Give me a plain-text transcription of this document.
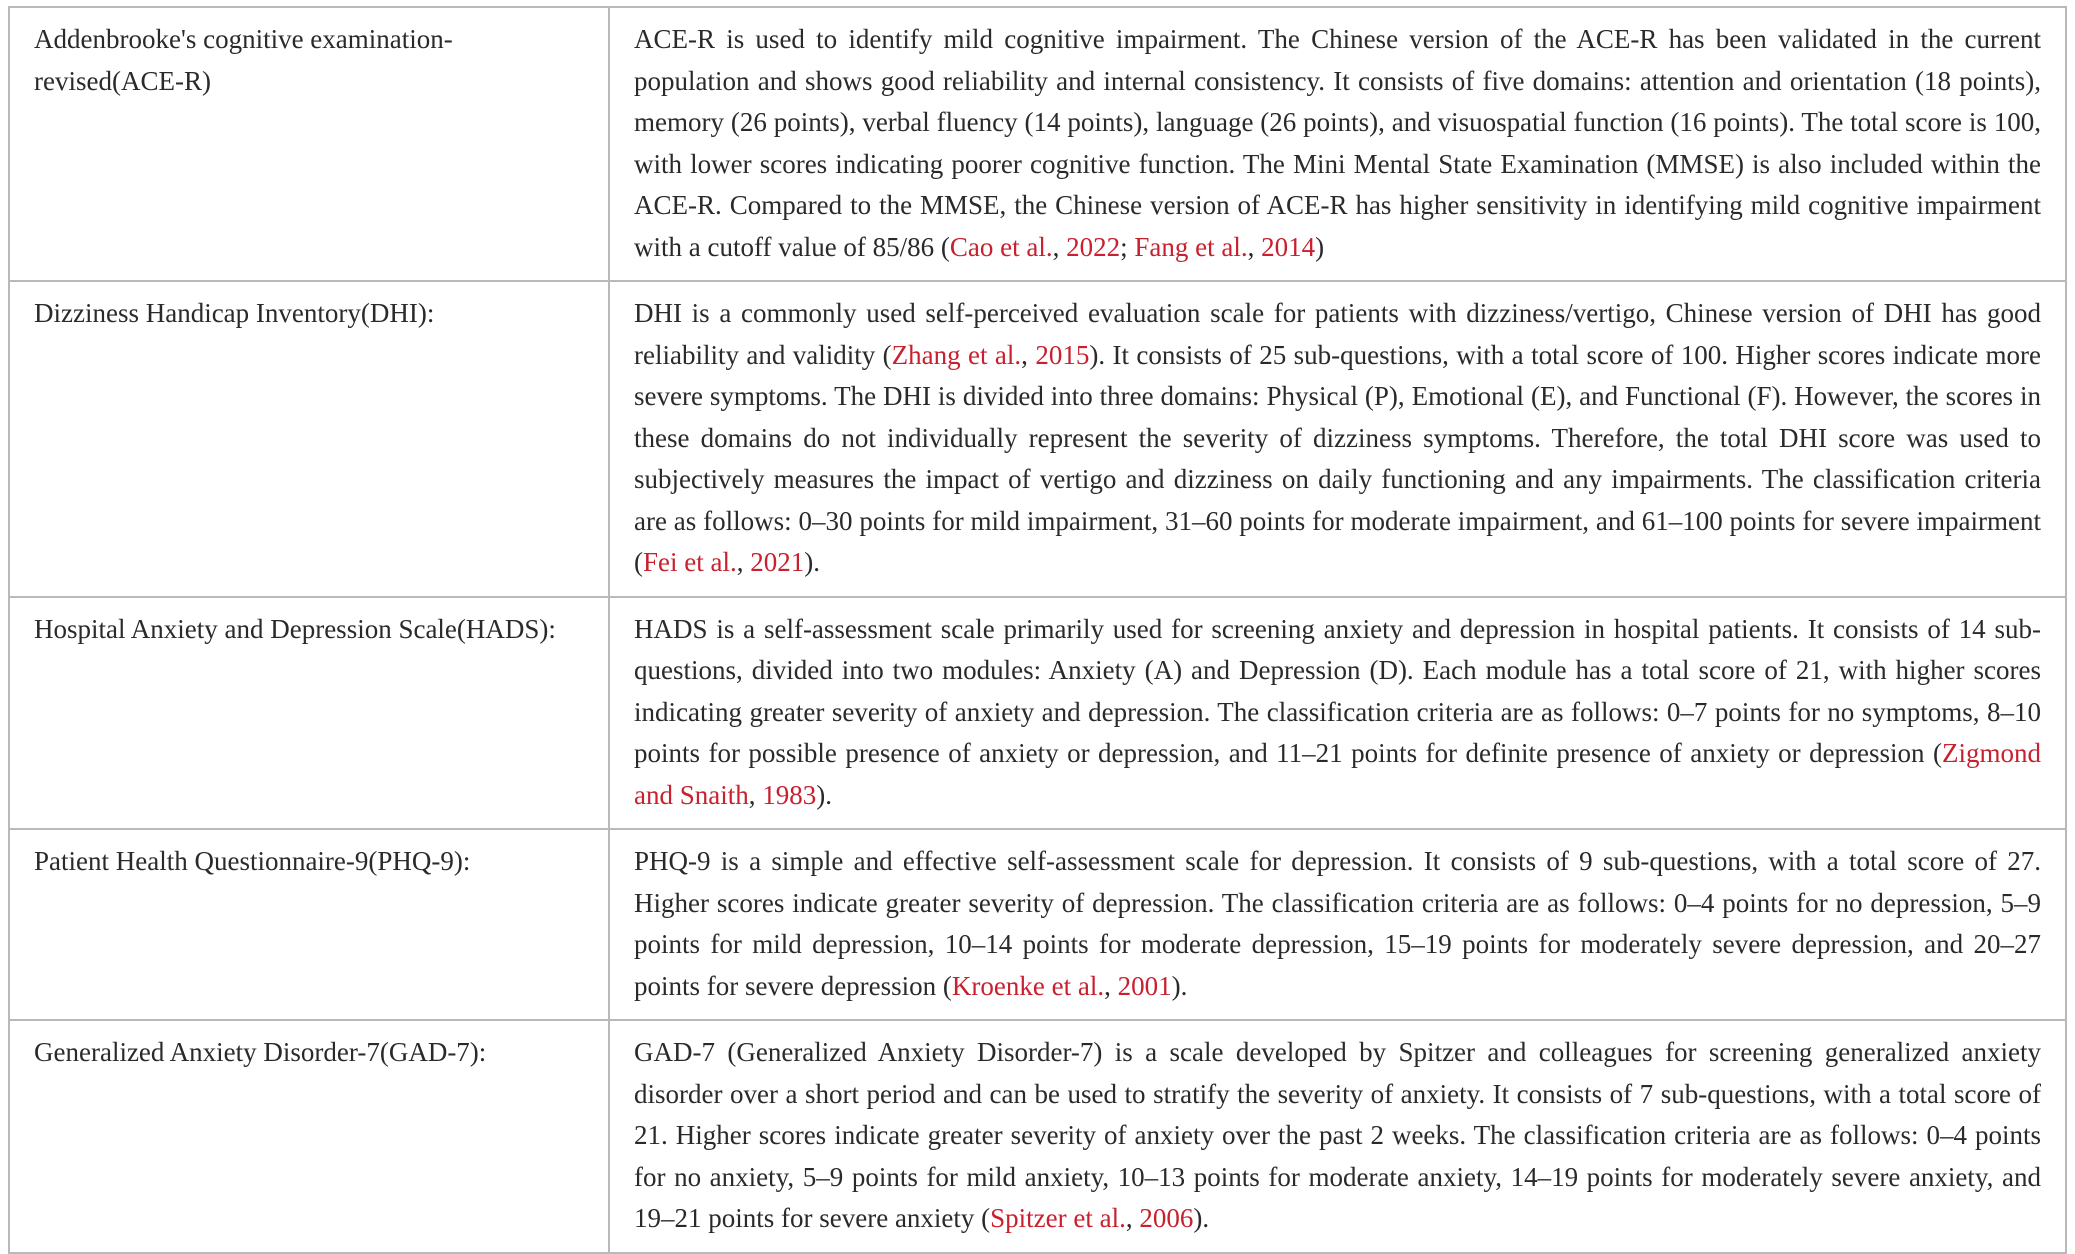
Addenbrooke's cognitive examination-revised(ACE-R)	ACE-R is used to identify mild cognitive impairment. The Chinese version of the ACE-R has been validated in the current population and shows good reliability and internal consistency. It consists of five domains: attention and orientation (18 points), memory (26 points), verbal fluency (14 points), language (26 points), and visuospatial function (16 points). The total score is 100, with lower scores indicating poorer cognitive function. The Mini Mental State Examination (MMSE) is also included within the ACE-R. Compared to the MMSE, the Chinese version of ACE-R has higher sensitivity in identifying mild cognitive impairment with a cutoff value of 85/86 (Cao et al., 2022; Fang et al., 2014)
Dizziness Handicap Inventory(DHI):	DHI is a commonly used self-perceived evaluation scale for patients with dizziness/vertigo, Chinese version of DHI has good reliability and validity (Zhang et al., 2015). It consists of 25 sub-questions, with a total score of 100. Higher scores indicate more severe symptoms. The DHI is divided into three domains: Physical (P), Emotional (E), and Functional (F). However, the scores in these domains do not individually represent the severity of dizziness symptoms. Therefore, the total DHI score was used to subjectively measures the impact of vertigo and dizziness on daily functioning and any impairments. The classification criteria are as follows: 0–30 points for mild impairment, 31–60 points for moderate impairment, and 61–100 points for severe impairment (Fei et al., 2021).
Hospital Anxiety and Depression Scale(HADS):	HADS is a self-assessment scale primarily used for screening anxiety and depression in hospital patients. It consists of 14 sub-questions, divided into two modules: Anxiety (A) and Depression (D). Each module has a total score of 21, with higher scores indicating greater severity of anxiety and depression. The classification criteria are as follows: 0–7 points for no symptoms, 8–10 points for possible presence of anxiety or depression, and 11–21 points for definite presence of anxiety or depression (Zigmond and Snaith, 1983).
Patient Health Questionnaire-9(PHQ-9):	PHQ-9 is a simple and effective self-assessment scale for depression. It consists of 9 sub-questions, with a total score of 27. Higher scores indicate greater severity of depression. The classification criteria are as follows: 0–4 points for no depression, 5–9 points for mild depression, 10–14 points for moderate depression, 15–19 points for moderately severe depression, and 20–27 points for severe depression (Kroenke et al., 2001).
Generalized Anxiety Disorder-7(GAD-7):	GAD-7 (Generalized Anxiety Disorder-7) is a scale developed by Spitzer and colleagues for screening generalized anxiety disorder over a short period and can be used to stratify the severity of anxiety. It consists of 7 sub-questions, with a total score of 21. Higher scores indicate greater severity of anxiety over the past 2 weeks. The classification criteria are as follows: 0–4 points for no anxiety, 5–9 points for mild anxiety, 10–13 points for moderate anxiety, 14–19 points for moderately severe anxiety, and 19–21 points for severe anxiety (Spitzer et al., 2006).
